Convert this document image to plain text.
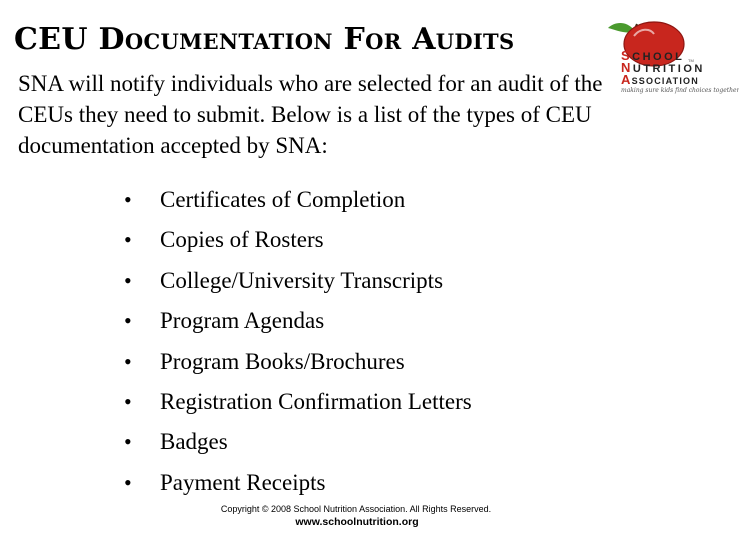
CEU Documentation For Audits
SNA will notify individuals who are selected for an audit of the CEUs they need to submit. Below is a list of the types of CEU documentation accepted by SNA:
•	Certificates of Completion
•	Copies of Rosters
•	College/University Transcripts
•	Program Agendas
•	Program Books/Brochures
•	Registration Confirmation Letters
•	Badges
•	Payment Receipts
TM
SCHOOL
NUTRITION
ASSOCIATION
making sure kids find choices together
Copyright © 2008 School Nutrition Association. All Rights Reserved.
www.schoolnutrition.org
